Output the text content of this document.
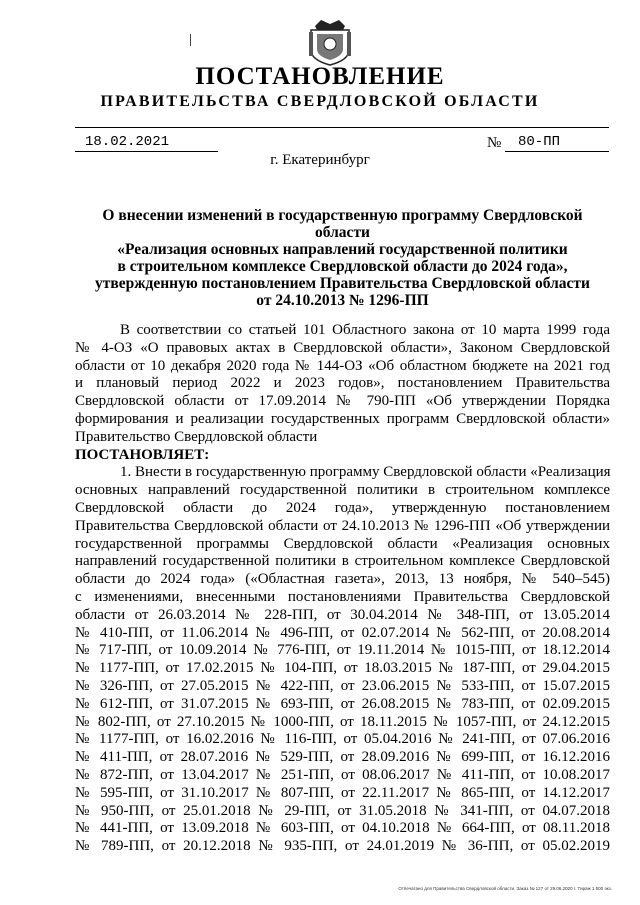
ПОСТАНОВЛЕНИЕ
ПРАВИТЕЛЬСТВА СВЕРДЛОВСКОЙ ОБЛАСТИ
18.02.2021	№ 80-ПП
г. Екатеринбург
О внесении изменений в государственную программу Свердловской области
«Реализация основных направлений государственной политики
в строительном комплексе Свердловской области до 2024 года»,
утвержденную постановлением Правительства Свердловской области
от 24.10.2013 № 1296-ПП
В соответствии со статьей 101 Областного закона от 10 марта 1999 года
№ 4-ОЗ «О правовых актах в Свердловской области», Законом Свердловской
области от 10 декабря 2020 года № 144-ОЗ «Об областном бюджете на 2021 год
и плановый период 2022 и 2023 годов», постановлением Правительства
Свердловской области от 17.09.2014 № 790-ПП «Об утверждении Порядка
формирования и реализации государственных программ Свердловской области»
Правительство Свердловской области
ПОСТАНОВЛЯЕТ:
1. Внести в государственную программу Свердловской области «Реализация
основных направлений государственной политики в строительном комплексе
Свердловской области до 2024 года», утвержденную постановлением
Правительства Свердловской области от 24.10.2013 № 1296-ПП «Об утверждении
государственной программы Свердловской области «Реализация основных
направлений государственной политики в строительном комплексе Свердловской
области до 2024 года» («Областная газета», 2013, 13 ноября, № 540–545)
с изменениями, внесенными постановлениями Правительства Свердловской
области от 26.03.2014 № 228-ПП, от 30.04.2014 № 348-ПП, от 13.05.2014
№ 410-ПП, от 11.06.2014 № 496-ПП, от 02.07.2014 № 562-ПП, от 20.08.2014
№ 717-ПП, от 10.09.2014 № 776-ПП, от 19.11.2014 № 1015-ПП, от 18.12.2014
№ 1177-ПП, от 17.02.2015 № 104-ПП, от 18.03.2015 № 187-ПП, от 29.04.2015
№ 326-ПП, от 27.05.2015 № 422-ПП, от 23.06.2015 № 533-ПП, от 15.07.2015
№ 612-ПП, от 31.07.2015 № 693-ПП, от 26.08.2015 № 783-ПП, от 02.09.2015
№ 802-ПП, от 27.10.2015 № 1000-ПП, от 18.11.2015 № 1057-ПП, от 24.12.2015
№ 1177-ПП, от 16.02.2016 № 116-ПП, от 05.04.2016 № 241-ПП, от 07.06.2016
№ 411-ПП, от 28.07.2016 № 529-ПП, от 28.09.2016 № 699-ПП, от 16.12.2016
№ 872-ПП, от 13.04.2017 № 251-ПП, от 08.06.2017 № 411-ПП, от 10.08.2017
№ 595-ПП, от 31.10.2017 № 807-ПП, от 22.11.2017 № 865-ПП, от 14.12.2017
№ 950-ПП, от 25.01.2018 № 29-ПП, от 31.05.2018 № 341-ПП, от 04.07.2018
№ 441-ПП, от 13.09.2018 № 603-ПП, от 04.10.2018 № 664-ПП, от 08.11.2018
№ 789-ПП, от 20.12.2018 № 935-ПП, от 24.01.2019 № 36-ПП, от 05.02.2019
Отпечатано для Правительства Свердловской области. Заказ № 127 от 29.06.2020 г. Тираж 1 500 экз.
